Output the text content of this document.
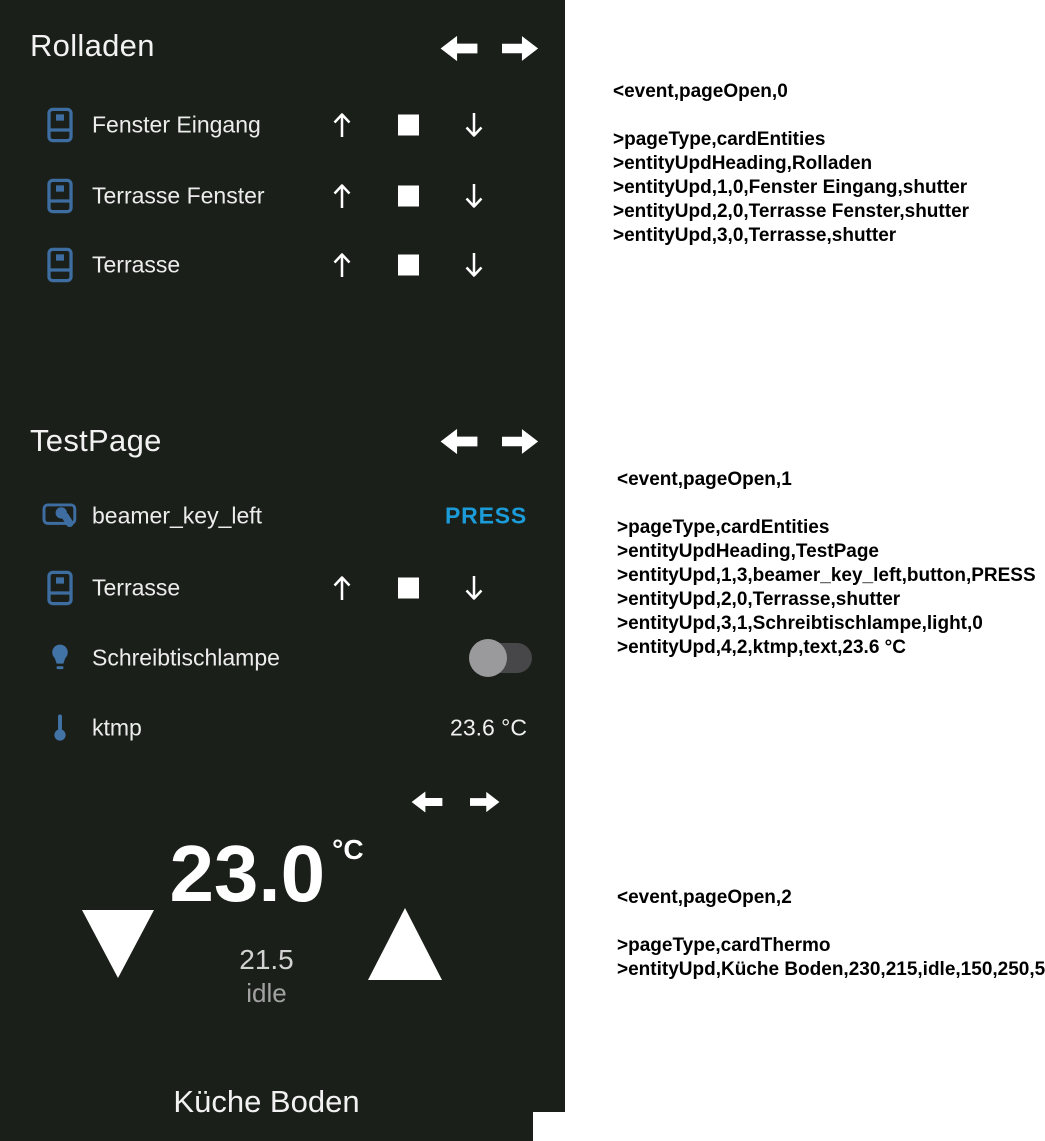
Rolladen
Fenster Eingang
Terrasse Fenster
Terrasse
TestPage
beamer_key_left	PRESS
Terrasse
Schreibtischlampe
ktmp	23.6 °C
23.0 $^{^\circ C}$
21.5
idle
Küche Boden
<event,pageOpen,0
>pageType,cardEntities
>entityUpdHeading,Rolladen
>entityUpd,1,0,Fenster Eingang,shutter
>entityUpd,2,0,Terrasse Fenster,shutter
>entityUpd,3,0,Terrasse,shutter
<event,pageOpen,1
>pageType,cardEntities
>entityUpdHeading,TestPage
>entityUpd,1,3,beamer_key_left,button,PRESS
>entityUpd,2,0,Terrasse,shutter
>entityUpd,3,1,Schreibtischlampe,light,0
>entityUpd,4,2,ktmp,text,23.6 °C
<event,pageOpen,2
>pageType,cardThermo
>entityUpd,Küche Boden,230,215,idle,150,250,5
